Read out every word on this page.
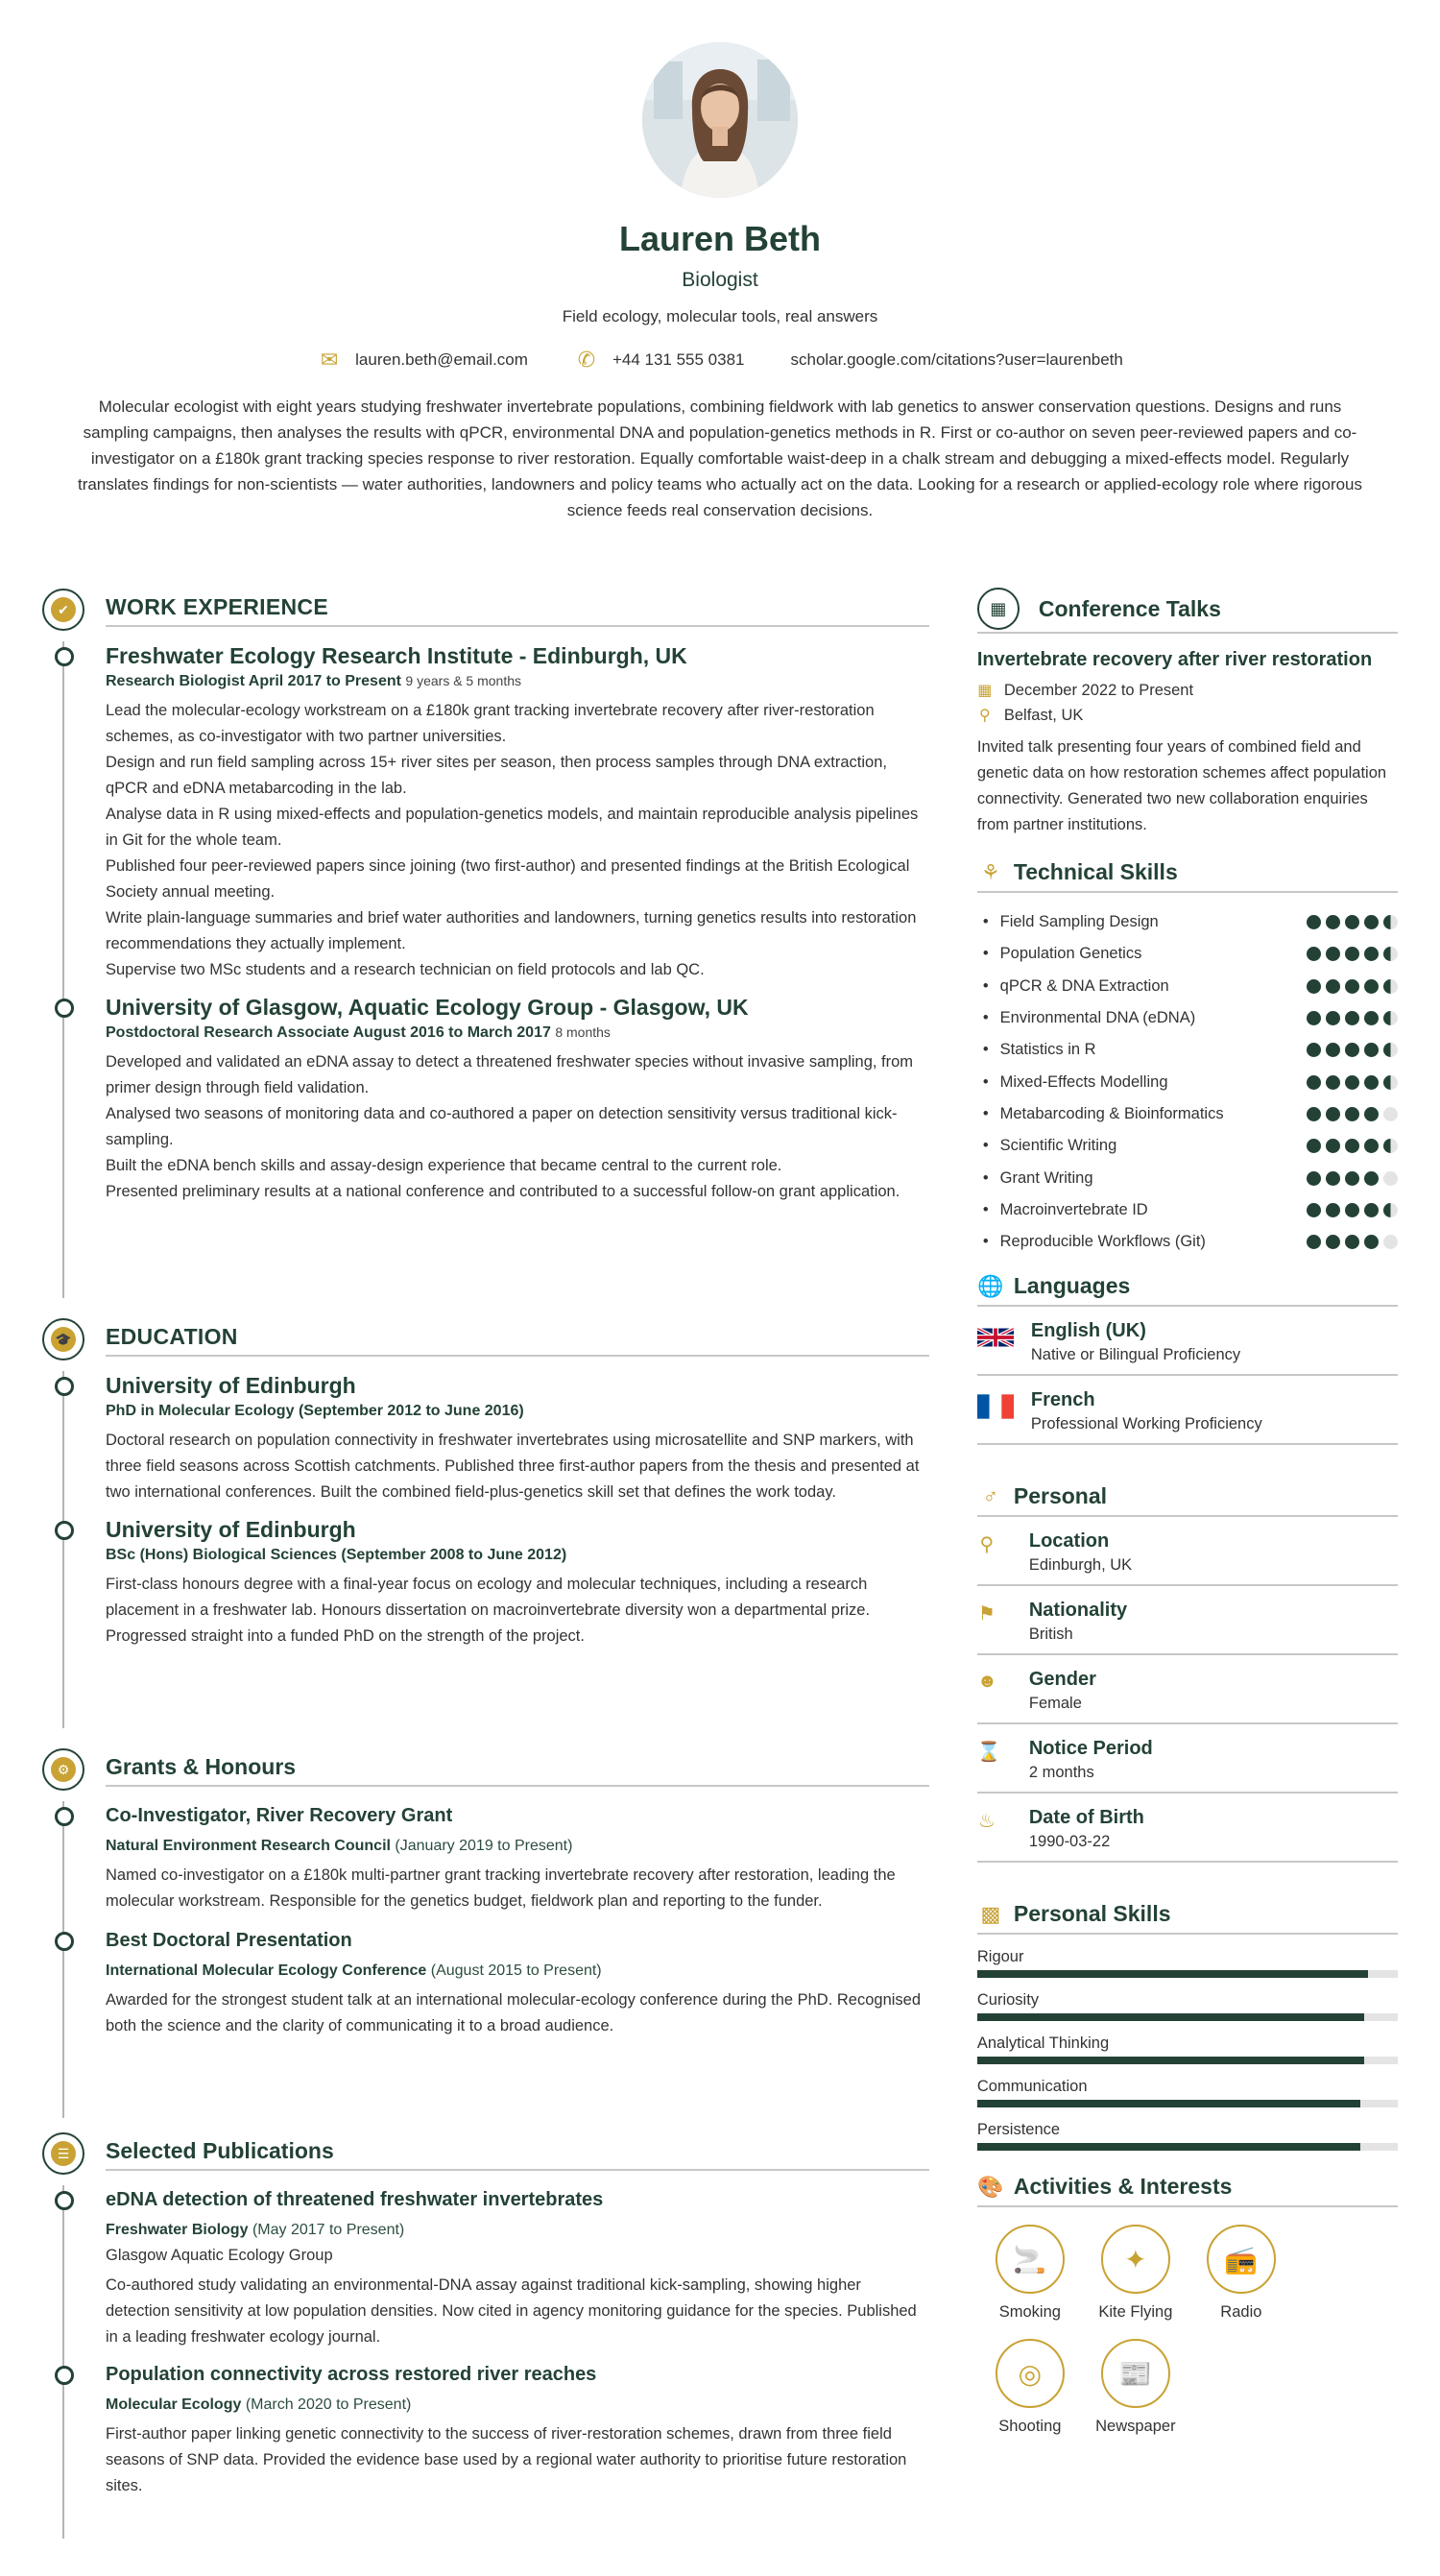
Lauren Beth
Biologist
Field ecology, molecular tools, real answers
✉ lauren.beth@email.com ✆ +44 131 555 0381	scholar.google.com/citations?user=laurenbeth
Molecular ecologist with eight years studying freshwater invertebrate populations, combining fieldwork with lab genetics to answer conservation questions. Designs and runs sampling campaigns, then analyses the results with qPCR, environmental DNA and population-genetics methods in R. First or co-author on seven peer-reviewed papers and co-investigator on a £180k grant tracking species response to river restoration. Equally comfortable waist-deep in a chalk stream and debugging a mixed-effects model. Regularly translates findings for non-scientists — water authorities, landowners and policy teams who actually act on the data. Looking for a research or applied-ecology role where rigorous science feeds real conservation decisions.
✔	WORK EXPERIENCE
Freshwater Ecology Research Institute - Edinburgh, UK
Research Biologist April 2017 to Present 9 years & 5 months
Lead the molecular-ecology workstream on a £180k grant tracking invertebrate recovery after river-restoration schemes, as co-investigator with two partner universities.
Design and run field sampling across 15+ river sites per season, then process samples through DNA extraction, qPCR and eDNA metabarcoding in the lab.
Analyse data in R using mixed-effects and population-genetics models, and maintain reproducible analysis pipelines in Git for the whole team.
Published four peer-reviewed papers since joining (two first-author) and presented findings at the British Ecological Society annual meeting.
Write plain-language summaries and brief water authorities and landowners, turning genetics results into restoration recommendations they actually implement.
Supervise two MSc students and a research technician on field protocols and lab QC.
University of Glasgow, Aquatic Ecology Group - Glasgow, UK
Postdoctoral Research Associate August 2016 to March 2017 8 months
Developed and validated an eDNA assay to detect a threatened freshwater species without invasive sampling, from primer design through field validation.
Analysed two seasons of monitoring data and co-authored a paper on detection sensitivity versus traditional kick-sampling.
Built the eDNA bench skills and assay-design experience that became central to the current role.
Presented preliminary results at a national conference and contributed to a successful follow-on grant application.
🎓 EDUCATION
University of Edinburgh
PhD in Molecular Ecology (September 2012 to June 2016)
Doctoral research on population connectivity in freshwater invertebrates using microsatellite and SNP markers, with three field seasons across Scottish catchments. Published three first-author papers from the thesis and presented at two international conferences. Built the combined field-plus-genetics skill set that defines the work today.
University of Edinburgh
BSc (Hons) Biological Sciences (September 2008 to June 2012)
First-class honours degree with a final-year focus on ecology and molecular techniques, including a research placement in a freshwater lab. Honours dissertation on macroinvertebrate diversity won a departmental prize. Progressed straight into a funded PhD on the strength of the project.
⚙ Grants & Honours
Co-Investigator, River Recovery Grant
Natural Environment Research Council (January 2019 to Present)
Named co-investigator on a £180k multi-partner grant tracking invertebrate recovery after restoration, leading the molecular workstream. Responsible for the genetics budget, fieldwork plan and reporting to the funder.
Best Doctoral Presentation
International Molecular Ecology Conference (August 2015 to Present)
Awarded for the strongest student talk at an international molecular-ecology conference during the PhD. Recognised both the science and the clarity of communicating it to a broad audience.
☰ Selected Publications
eDNA detection of threatened freshwater invertebrates
Freshwater Biology (May 2017 to Present)
Glasgow Aquatic Ecology Group
Co-authored study validating an environmental-DNA assay against traditional kick-sampling, showing higher detection sensitivity at low population densities. Now cited in agency monitoring guidance for the species. Published in a leading freshwater ecology journal.
Population connectivity across restored river reaches
Molecular Ecology (March 2020 to Present)
First-author paper linking genetic connectivity to the success of river-restoration schemes, drawn from three field seasons of SNP data. Provided the evidence base used by a regional water authority to prioritise future restoration sites.
▦	Conference Talks
Invertebrate recovery after river restoration
▦ December 2022 to Present
⚲ Belfast, UK
Invited talk presenting four years of combined field and genetic data on how restoration schemes affect population connectivity. Generated two new collaboration enquiries from partner institutions.
⚘ Technical Skills
• Field Sampling Design
• Population Genetics
• qPCR & DNA Extraction
• Environmental DNA (eDNA)
• Statistics in R
• Mixed-Effects Modelling
• Metabarcoding & Bioinformatics
• Scientific Writing
• Grant Writing
• Macroinvertebrate ID
• Reproducible Workflows (Git)
🌐 Languages
English (UK)
Native or Bilingual Proficiency
French
Professional Working Proficiency
♂ Personal
⚲ Location
Edinburgh, UK
⚑ Nationality
British
☻ Gender
Female
⌛ Notice Period
2 months
♨ Date of Birth
1990-03-22
▩ Personal Skills
Rigour
Curiosity
Analytical Thinking
Communication
Persistence
🎨 Activities & Interests
🚬
Smoking
✦
Kite Flying
📻
Radio
◎
Shooting
📰
Newspaper
